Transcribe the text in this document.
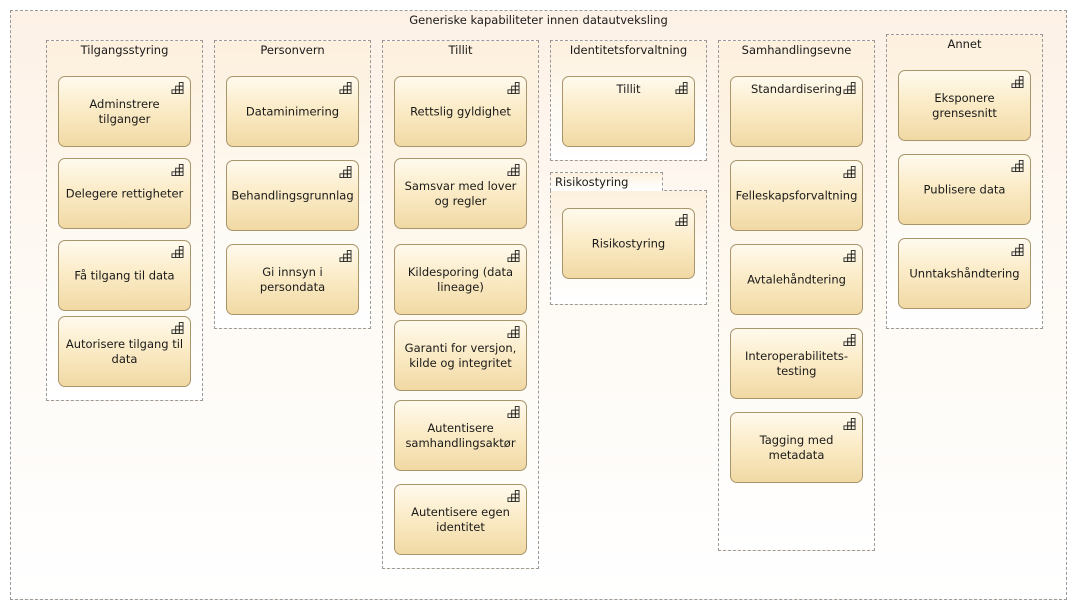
Generiske kapabiliteter innen datautveksling
Tilgangsstyring
Adminstrere tilganger
Delegere rettigheter
Få tilgang til data
Autorisere tilgang til data
Personvern
Dataminimering
Behandlingsgrunnlag
Gi innsyn i persondata
Tillit
Rettslig gyldighet
Samsvar med lover og regler
Kildesporing (data lineage)
Garanti for versjon, kilde og integritet
Autentisere samhandlingsaktør
Autentisere egen identitet
Identitetsforvaltning
Tillit
Risikostyring
Risikostyring
Samhandlingsevne
Standardisering
Felleskapsforvaltning
Avtalehåndtering
Interoperabilitets-testing
Tagging med metadata
Annet
Eksponere grensesnitt
Publisere data
Unntakshåndtering
